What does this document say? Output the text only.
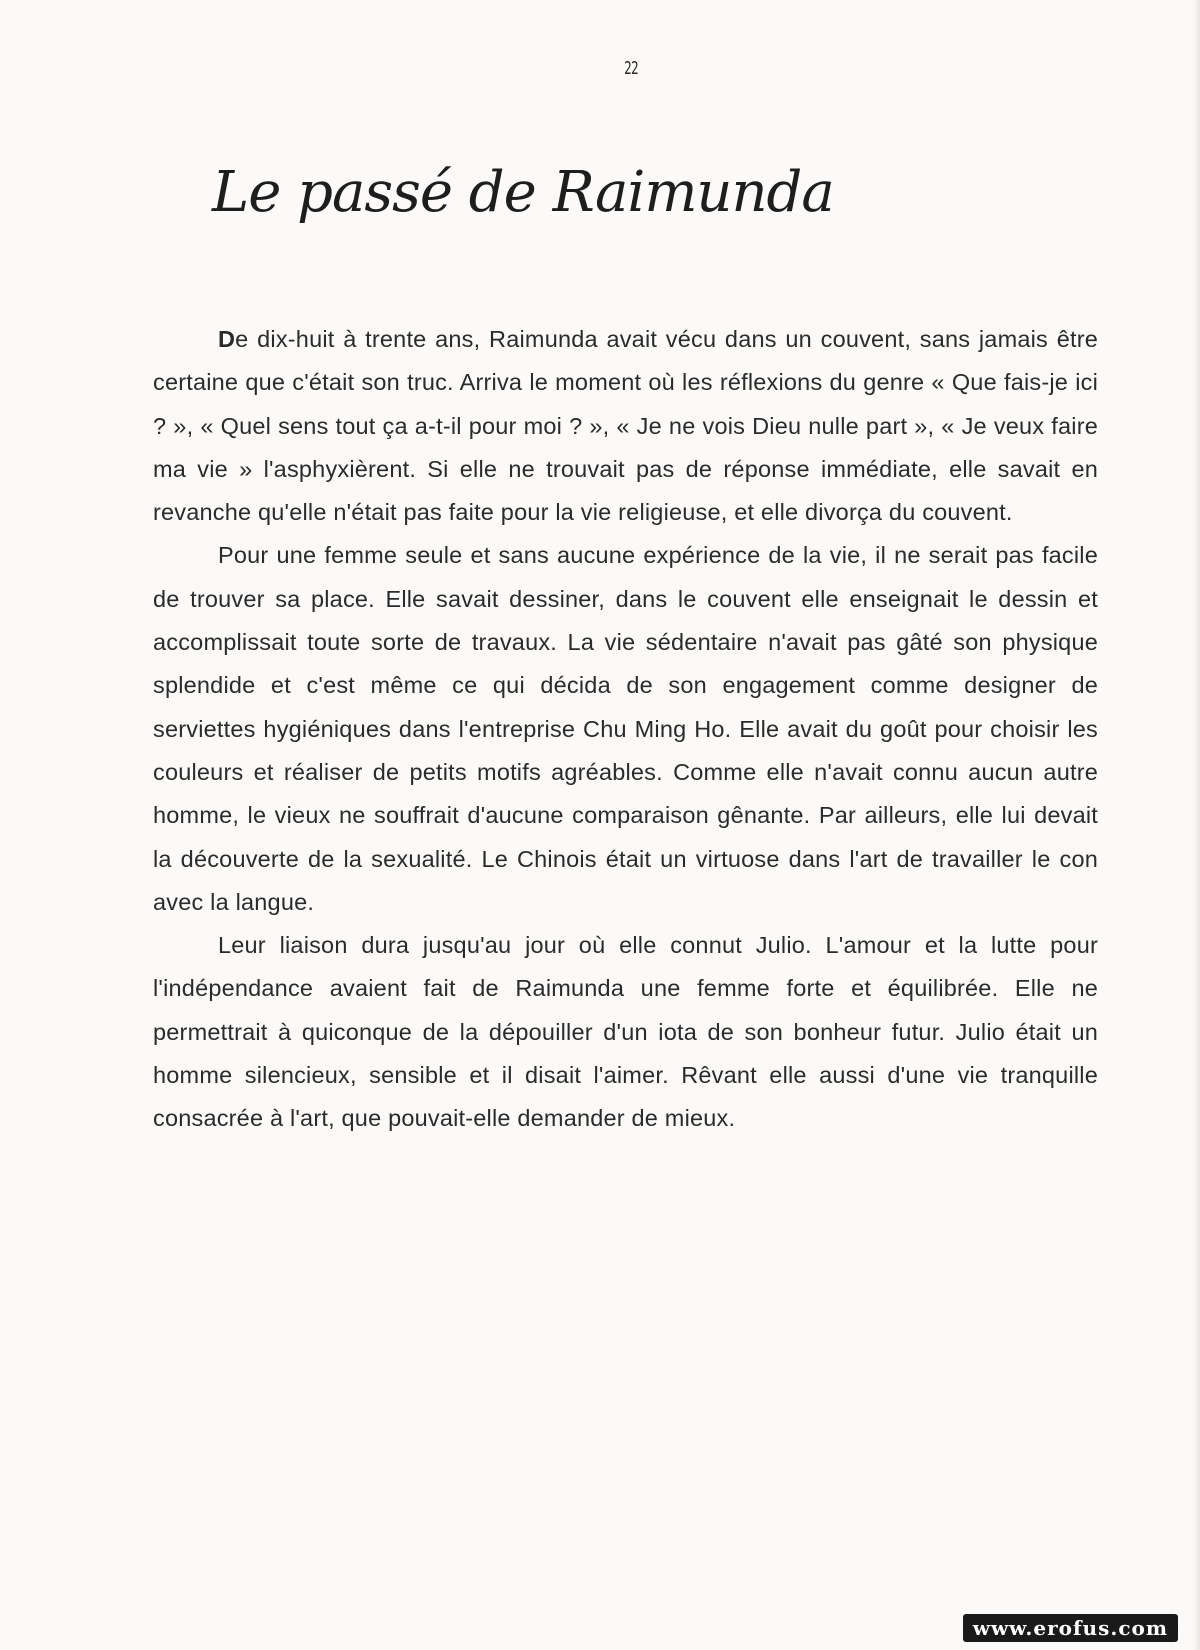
22
Le passé de Raimunda

De dix-huit à trente ans, Raimunda avait vécu dans un couvent, sans jamais être certaine que c'était son truc. Arriva le moment où les réflexions du genre « Que fais-je ici ? », « Quel sens tout ça a-t-il pour moi ? », « Je ne vois Dieu nulle part », « Je veux faire ma vie » l'asphyxièrent. Si elle ne trouvait pas de réponse immédiate, elle savait en revanche qu'elle n'était pas faite pour la vie religieuse, et elle divorça du couvent.

Pour une femme seule et sans aucune expérience de la vie, il ne serait pas facile de trouver sa place. Elle savait dessiner, dans le couvent elle enseignait le dessin et accomplissait toute sorte de travaux. La vie sédentaire n'avait pas gâté son physique splendide et c'est même ce qui décida de son engagement comme designer de serviettes hygiéniques dans l'entreprise Chu Ming Ho. Elle avait du goût pour choisir les couleurs et réaliser de petits motifs agréables. Comme elle n'avait connu aucun autre homme, le vieux ne souffrait d'aucune comparaison gênante. Par ailleurs, elle lui devait la découverte de la sexualité. Le Chinois était un virtuose dans l'art de travailler le con avec la langue.

Leur liaison dura jusqu'au jour où elle connut Julio. L'amour et la lutte pour l'indépendance avaient fait de Raimunda une femme forte et équilibrée. Elle ne permettrait à quiconque de la dépouiller d'un iota de son bonheur futur. Julio était un homme silencieux, sensible et il disait l'aimer. Rêvant elle aussi d'une vie tranquille consacrée à l'art, que pouvait-elle demander de mieux.

www.erofus.com
